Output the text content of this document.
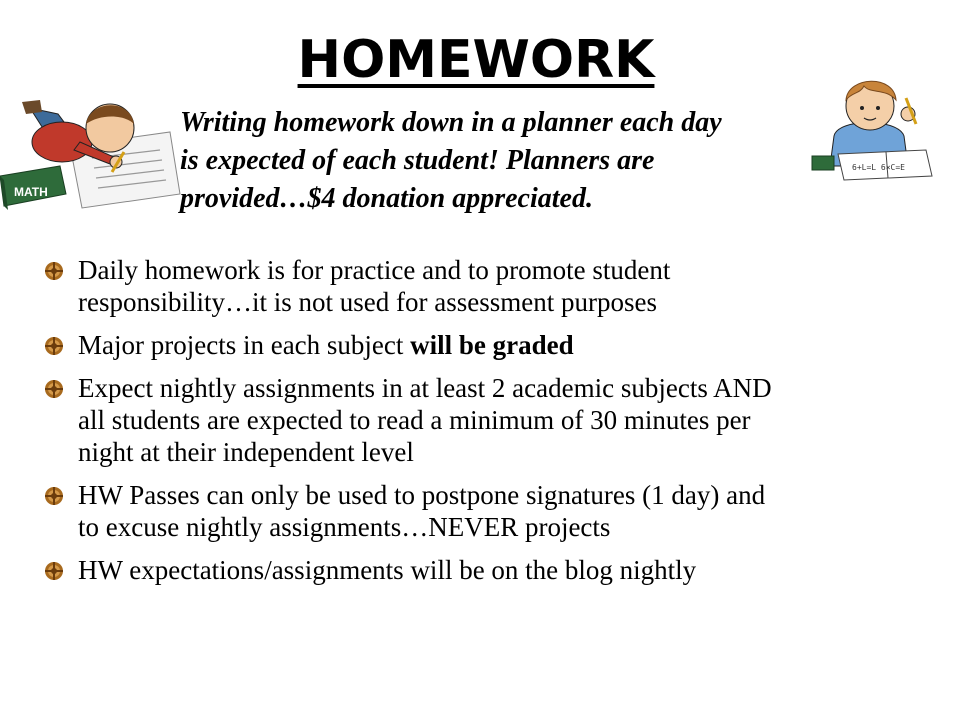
HOMEWORK
MATH
Writing homework down in a planner each day
is expected of each student! Planners are
provided…$4 donation appreciated.
6+L=L 6×C=E
Daily homework is for practice and to promote student
responsibility…it is not used for assessment purposes
Major projects in each subject will be graded
Expect nightly assignments in at least 2 academic subjects AND
all students are expected to read a minimum of 30 minutes per
night at their independent level
HW Passes can only be used to postpone signatures (1 day) and
to excuse nightly assignments…NEVER projects
HW expectations/assignments will be on the blog nightly
